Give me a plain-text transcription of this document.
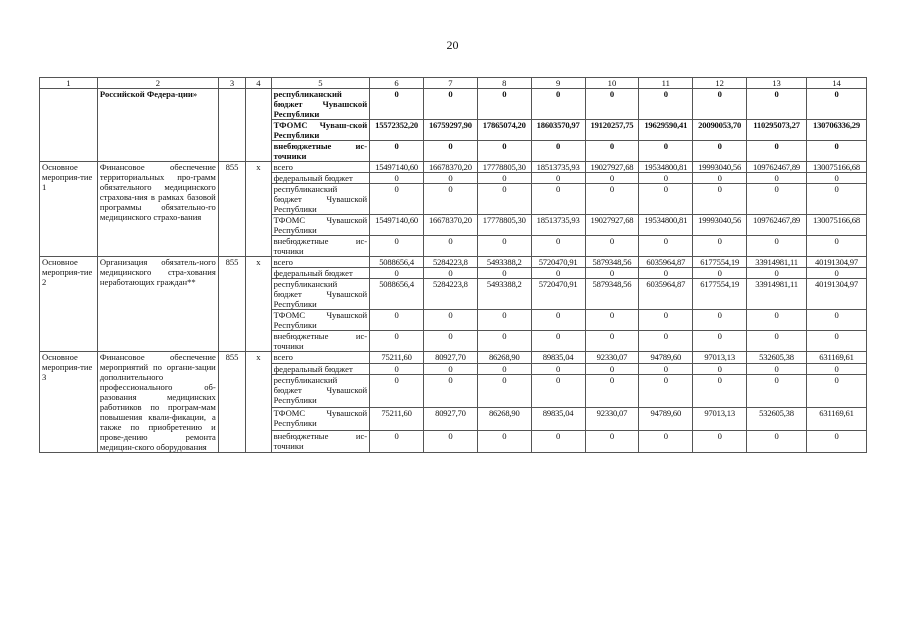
20
1	2	3	4	5	6	7	8	9	10	11	12	13	14
	Российской Федера-ции»			республиканский бюджет Чувашской Республики	0	0	0	0	0	0	0	0	0
				ТФОМС Чуваш-ской Республики	15572352,20	16759297,90	17865074,20	18603570,97	19120257,75	19629590,41	20090053,70	110295073,27	130706336,29
				внебюджетные ис-точники	0	0	0	0	0	0	0	0	0
Основное мероприя-тие 1	Финансовое обеспечение территориальных про-грамм обязательного медицинского страхова-ния в рамках базовой программы обязательно-го медицинского страхо-вания	855	х	всего	15497140,60	16678370,20	17778805,30	18513735,93	19027927,68	19534800,81	19993040,56	109762467,89	130075166,68
				федеральный бюджет	0	0	0	0	0	0	0	0	0
				республиканский бюджет Чувашской Республики	0	0	0	0	0	0	0	0	0
				ТФОМС Чувашской Республики	15497140,60	16678370,20	17778805,30	18513735,93	19027927,68	19534800,81	19993040,56	109762467,89	130075166,68
				внебюджетные ис-точники	0	0	0	0	0	0	0	0	0
Основное мероприя-тие 2	Организация обязатель-ного медицинского стра-хования неработающих граждан**	855	х	всего	5088656,4	5284223,8	5493388,2	5720470,91	5879348,56	6035964,87	6177554,19	33914981,11	40191304,97
				федеральный бюджет	0	0	0	0	0	0	0	0	0
				республиканский бюджет Чувашской Республики	5088656,4	5284223,8	5493388,2	5720470,91	5879348,56	6035964,87	6177554,19	33914981,11	40191304,97
				ТФОМС Чувашской Республики	0	0	0	0	0	0	0	0	0
				внебюджетные ис-точники	0	0	0	0	0	0	0	0	0
Основное мероприя-тие 3	Финансовое обеспечение мероприятий по органи-зации дополнительного профессионального об-разования медицинских работников по програм-мам повышения квали-фикации, а также по приобретению и прове-дению ремонта медицин-ского оборудования	855	х	всего	75211,60	80927,70	86268,90	89835,04	92330,07	94789,60	97013,13	532605,38	631169,61
				федеральный бюджет	0	0	0	0	0	0	0	0	0
				республиканский бюджет Чувашской Республики	0	0	0	0	0	0	0	0	0
				ТФОМС Чувашской Республики	75211,60	80927,70	86268,90	89835,04	92330,07	94789,60	97013,13	532605,38	631169,61
				внебюджетные ис-точники	0	0	0	0	0	0	0	0	0
